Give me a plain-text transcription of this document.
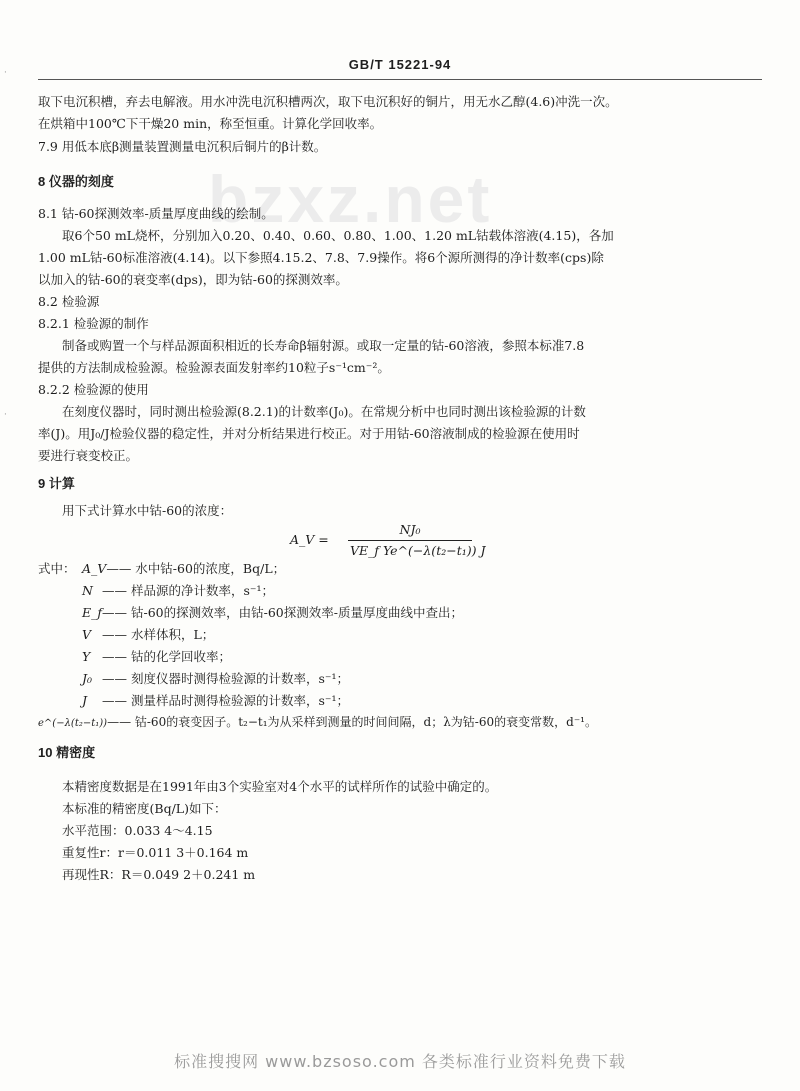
GB/T 15221-94
bzxz.net
·
·
取下电沉积槽，弃去电解液。用水冲洗电沉积槽两次，取下电沉积好的铜片，用无水乙醇(4.6)冲洗一次。
在烘箱中100℃下干燥20 min，称至恒重。计算化学回收率。
7.9 用低本底β测量装置测量电沉积后铜片的β计数。
8 仪器的刻度
8.1 钴-60探测效率-质量厚度曲线的绘制。
取6个50 mL烧杯，分别加入0.20、0.40、0.60、0.80、1.00、1.20 mL钴载体溶液(4.15)，各加
1.00 mL钴-60标准溶液(4.14)。以下参照4.15.2、7.8、7.9操作。将6个源所测得的净计数率(cps)除
以加入的钴-60的衰变率(dps)，即为钴-60的探测效率。
8.2 检验源
8.2.1 检验源的制作
制备或购置一个与样品源面积相近的长寿命β辐射源。或取一定量的钴-60溶液，参照本标准7.8
提供的方法制成检验源。检验源表面发射率约10粒子s⁻¹cm⁻²。
8.2.2 检验源的使用
在刻度仪器时，同时测出检验源(8.2.1)的计数率(J₀)。在常规分析中也同时测出该检验源的计数
率(J)。用J₀/J检验仪器的稳定性，并对分析结果进行校正。对于用钴-60溶液制成的检验源在使用时
要进行衰变校正。
9 计算
用下式计算水中钴-60的浓度：
A_V =
NJ₀
VE_f Ye^(−λ(t₂−t₁)) J
式中： A_V—— 水中钴-60的浓度，Bq/L；
N —— 样品源的净计数率，s⁻¹；
E_f—— 钴-60的探测效率，由钴-60探测效率-质量厚度曲线中查出；
V —— 水样体积，L；
Y —— 钴的化学回收率；
J₀ —— 刻度仪器时测得检验源的计数率，s⁻¹；
J —— 测量样品时测得检验源的计数率，s⁻¹；
e^(−λ(t₂−t₁))—— 钴-60的衰变因子。t₂−t₁为从采样到测量的时间间隔，d；λ为钴-60的衰变常数，d⁻¹。
10 精密度
本精密度数据是在1991年由3个实验室对4个水平的试样所作的试验中确定的。
本标准的精密度(Bq/L)如下：
水平范围：0.033 4～4.15
重复性r：r＝0.011 3＋0.164 m
再现性R：R＝0.049 2＋0.241 m
标准搜搜网 www.bzsoso.com 各类标准行业资料免费下载
